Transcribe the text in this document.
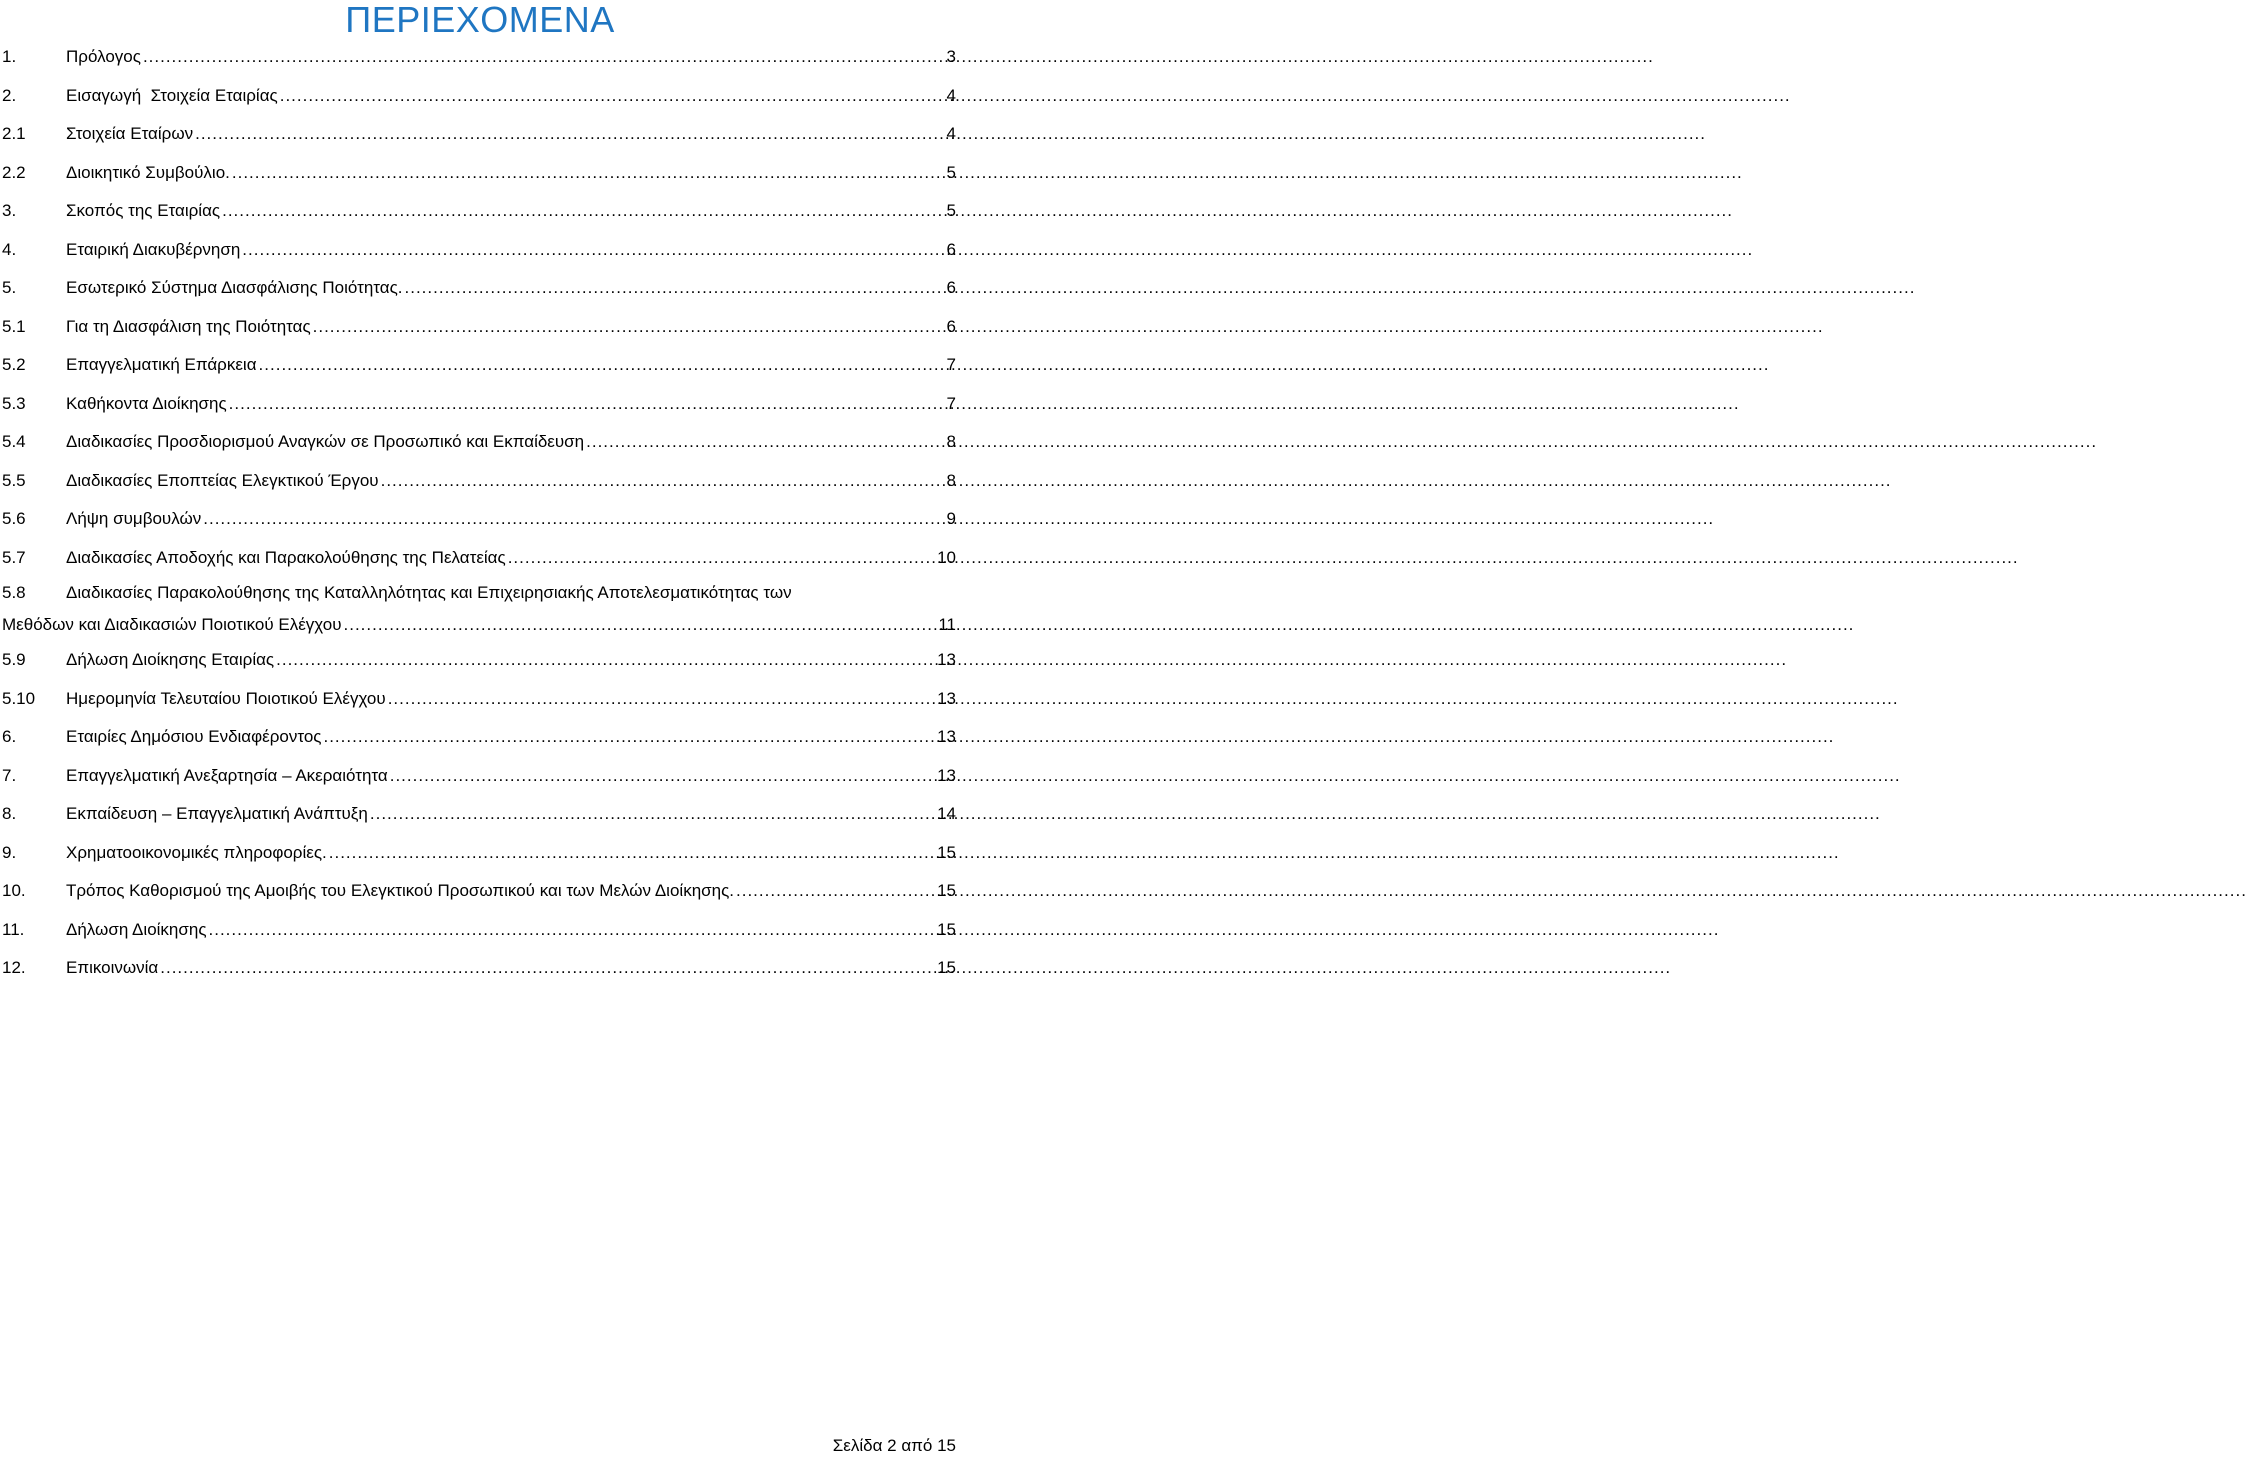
ΠΕΡΙΕΧΟΜΕΝΑ
1.	Πρόλογος .....	3
2.	Εισαγωγή  Στοιχεία Εταιρίας .....	4
2.1	Στοιχεία Εταίρων .....	4
2.2	Διοικητικό Συμβούλιο. .....	5
3.	Σκοπός της Εταιρίας .....	5
4.	Εταιρική Διακυβέρνηση .....	6
5.	Εσωτερικό Σύστημα Διασφάλισης Ποιότητας. .....	6
5.1	Για τη Διασφάλιση της Ποιότητας .....	6
5.2	Επαγγελματική Επάρκεια .....	7
5.3	Καθήκοντα Διοίκησης .....	7
5.4	Διαδικασίες Προσδιορισμού Αναγκών σε Προσωπικό και Εκπαίδευση .....	8
5.5	Διαδικασίες Εποπτείας Ελεγκτικού Έργου .....	8
5.6	Λήψη συμβουλών .....	9
5.7	Διαδικασίες Αποδοχής και Παρακολούθησης της Πελατείας .....	10
5.8	Διαδικασίες Παρακολούθησης της Καταλληλότητας και Επιχειρησιακής Αποτελεσματικότητας των
Μεθόδων και Διαδικασιών Ποιοτικού Ελέγχου .....	11
5.9	Δήλωση Διοίκησης Εταιρίας .....	13
5.10	Ημερομηνία Τελευταίου Ποιοτικού Ελέγχου .....	13
6.	Εταιρίες Δημόσιου Ενδιαφέροντος .....	13
7.	Επαγγελματική Ανεξαρτησία – Ακεραιότητα .....	13
8.	Εκπαίδευση – Επαγγελματική Ανάπτυξη .....	14
9.	Χρηματοοικονομικές πληροφορίες. .....	15
10.	Τρόπος Καθορισμού της Αμοιβής του Ελεγκτικού Προσωπικού και των Μελών Διοίκησης. .....	15
11.	Δήλωση Διοίκησης .....	15
12.	Επικοινωνία .....	15
Σελίδα 2 από 15
